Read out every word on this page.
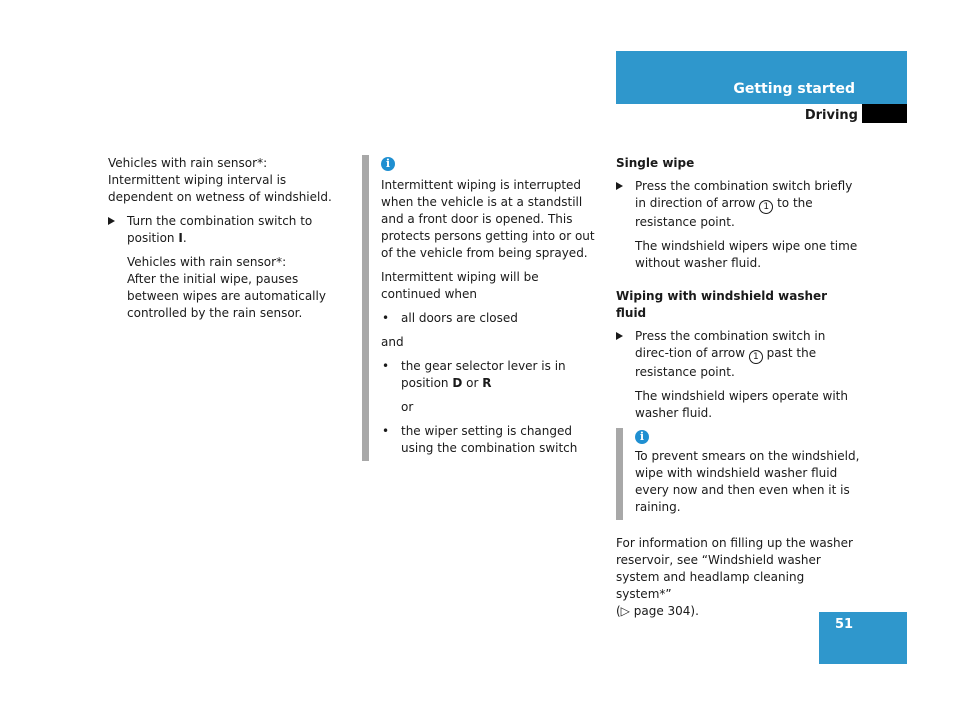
Getting started
Driving

Vehicles with rain sensor*:

Intermittent wiping interval is dependent on wetness of windshield.

Turn the combination switch to position I.

Vehicles with rain sensor*:

After the initial wipe, pauses between wipes are automatically controlled by the rain sensor.

i

Intermittent wiping is interrupted when the vehicle is at a standstill and a front door is opened. This protects persons getting into or out of the vehicle from being sprayed.

Intermittent wiping will be continued when

• all doors are closed

and

• the gear selector lever is in position D or R

or

• the wiper setting is changed using the combination switch

Single wipe

Press the combination switch briefly in direction of arrow 1 to the resistance point.

The windshield wipers wipe one time without washer fluid.

Wiping with windshield washer fluid

Press the combination switch in direc-tion of arrow 1 past the resistance point.

The windshield wipers operate with washer fluid.

i

To prevent smears on the windshield, wipe with windshield washer fluid every now and then even when it is raining.

For information on filling up the washer reservoir, see “Windshield washer system and headlamp cleaning system*”

(▷ page 304).

51
